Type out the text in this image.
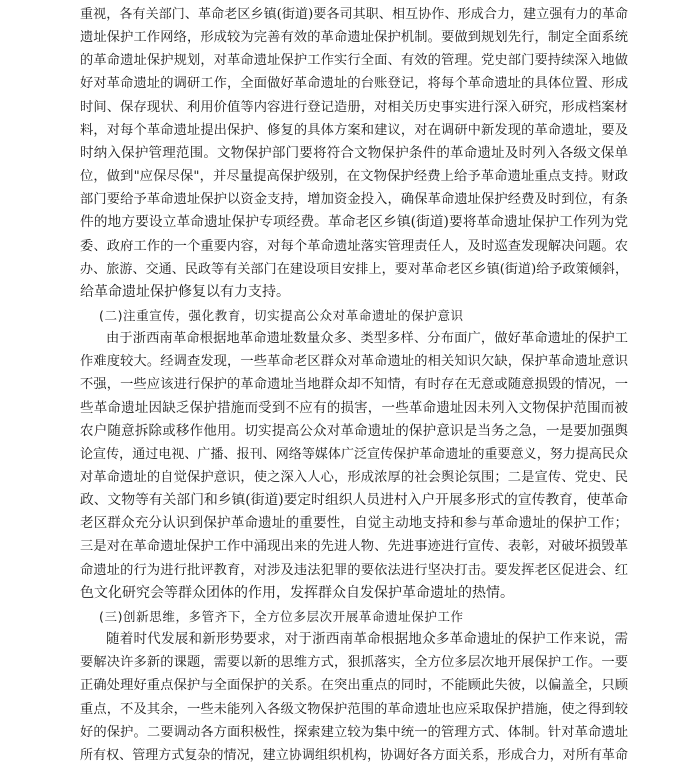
重视，各有关部门、革命老区乡镇(街道)要各司其职、相互协作、形成合力，建立强有力的革命
遗址保护工作网络，形成较为完善有效的革命遗址保护机制。要做到规划先行，制定全面系统
的革命遗址保护规划，对革命遗址保护工作实行全面、有效的管理。党史部门要持续深入地做
好对革命遗址的调研工作，全面做好革命遗址的台账登记，将每个革命遗址的具体位置、形成
时间、保存现状、利用价值等内容进行登记造册，对相关历史事实进行深入研究，形成档案材
料，对每个革命遗址提出保护、修复的具体方案和建议，对在调研中新发现的革命遗址，要及
时纳入保护管理范围。文物保护部门要将符合文物保护条件的革命遗址及时列入各级文保单
位，做到"应保尽保"，并尽量提高保护级别，在文物保护经费上给予革命遗址重点支持。财政
部门要给予革命遗址保护以资金支持，增加资金投入，确保革命遗址保护经费及时到位，有条
件的地方要设立革命遗址保护专项经费。革命老区乡镇(街道)要将革命遗址保护工作列为党
委、政府工作的一个重要内容，对每个革命遗址落实管理责任人，及时巡查发现解决问题。农
办、旅游、交通、民政等有关部门在建设项目安排上，要对革命老区乡镇(街道)给予政策倾斜，
给革命遗址保护修复以有力支持。
(二)注重宣传，强化教育，切实提高公众对革命遗址的保护意识
由于浙西南革命根据地革命遗址数量众多、类型多样、分布面广，做好革命遗址的保护工
作难度较大。经调查发现，一些革命老区群众对革命遗址的相关知识欠缺，保护革命遗址意识
不强，一些应该进行保护的革命遗址当地群众却不知情，有时存在无意或随意损毁的情况，一
些革命遗址因缺乏保护措施而受到不应有的损害，一些革命遗址因未列入文物保护范围而被
农户随意拆除或移作他用。切实提高公众对革命遗址的保护意识是当务之急，一是要加强舆
论宣传，通过电视、广播、报刊、网络等媒体广泛宣传保护革命遗址的重要意义，努力提高民众
对革命遗址的自觉保护意识，使之深入人心，形成浓厚的社会舆论氛围；二是宣传、党史、民
政、文物等有关部门和乡镇(街道)要定时组织人员进村入户开展多形式的宣传教育，使革命
老区群众充分认识到保护革命遗址的重要性，自觉主动地支持和参与革命遗址的保护工作；
三是对在革命遗址保护工作中涌现出来的先进人物、先进事迹进行宣传、表彰，对破坏损毁革
命遗址的行为进行批评教育，对涉及违法犯罪的要依法进行坚决打击。要发挥老区促进会、红
色文化研究会等群众团体的作用，发挥群众自发保护革命遗址的热情。
(三)创新思维，多管齐下，全方位多层次开展革命遗址保护工作
随着时代发展和新形势要求，对于浙西南革命根据地众多革命遗址的保护工作来说，需
要解决许多新的课题，需要以新的思维方式，狠抓落实，全方位多层次地开展保护工作。一要
正确处理好重点保护与全面保护的关系。在突出重点的同时，不能顾此失彼，以偏盖全，只顾
重点，不及其余，一些未能列入各级文物保护范围的革命遗址也应采取保护措施，使之得到较
好的保护。二要调动各方面积极性，探索建立较为集中统一的管理方式、体制。针对革命遗址
所有权、管理方式复杂的情况，建立协调组织机构，协调好各方面关系，形成合力，对所有革命
